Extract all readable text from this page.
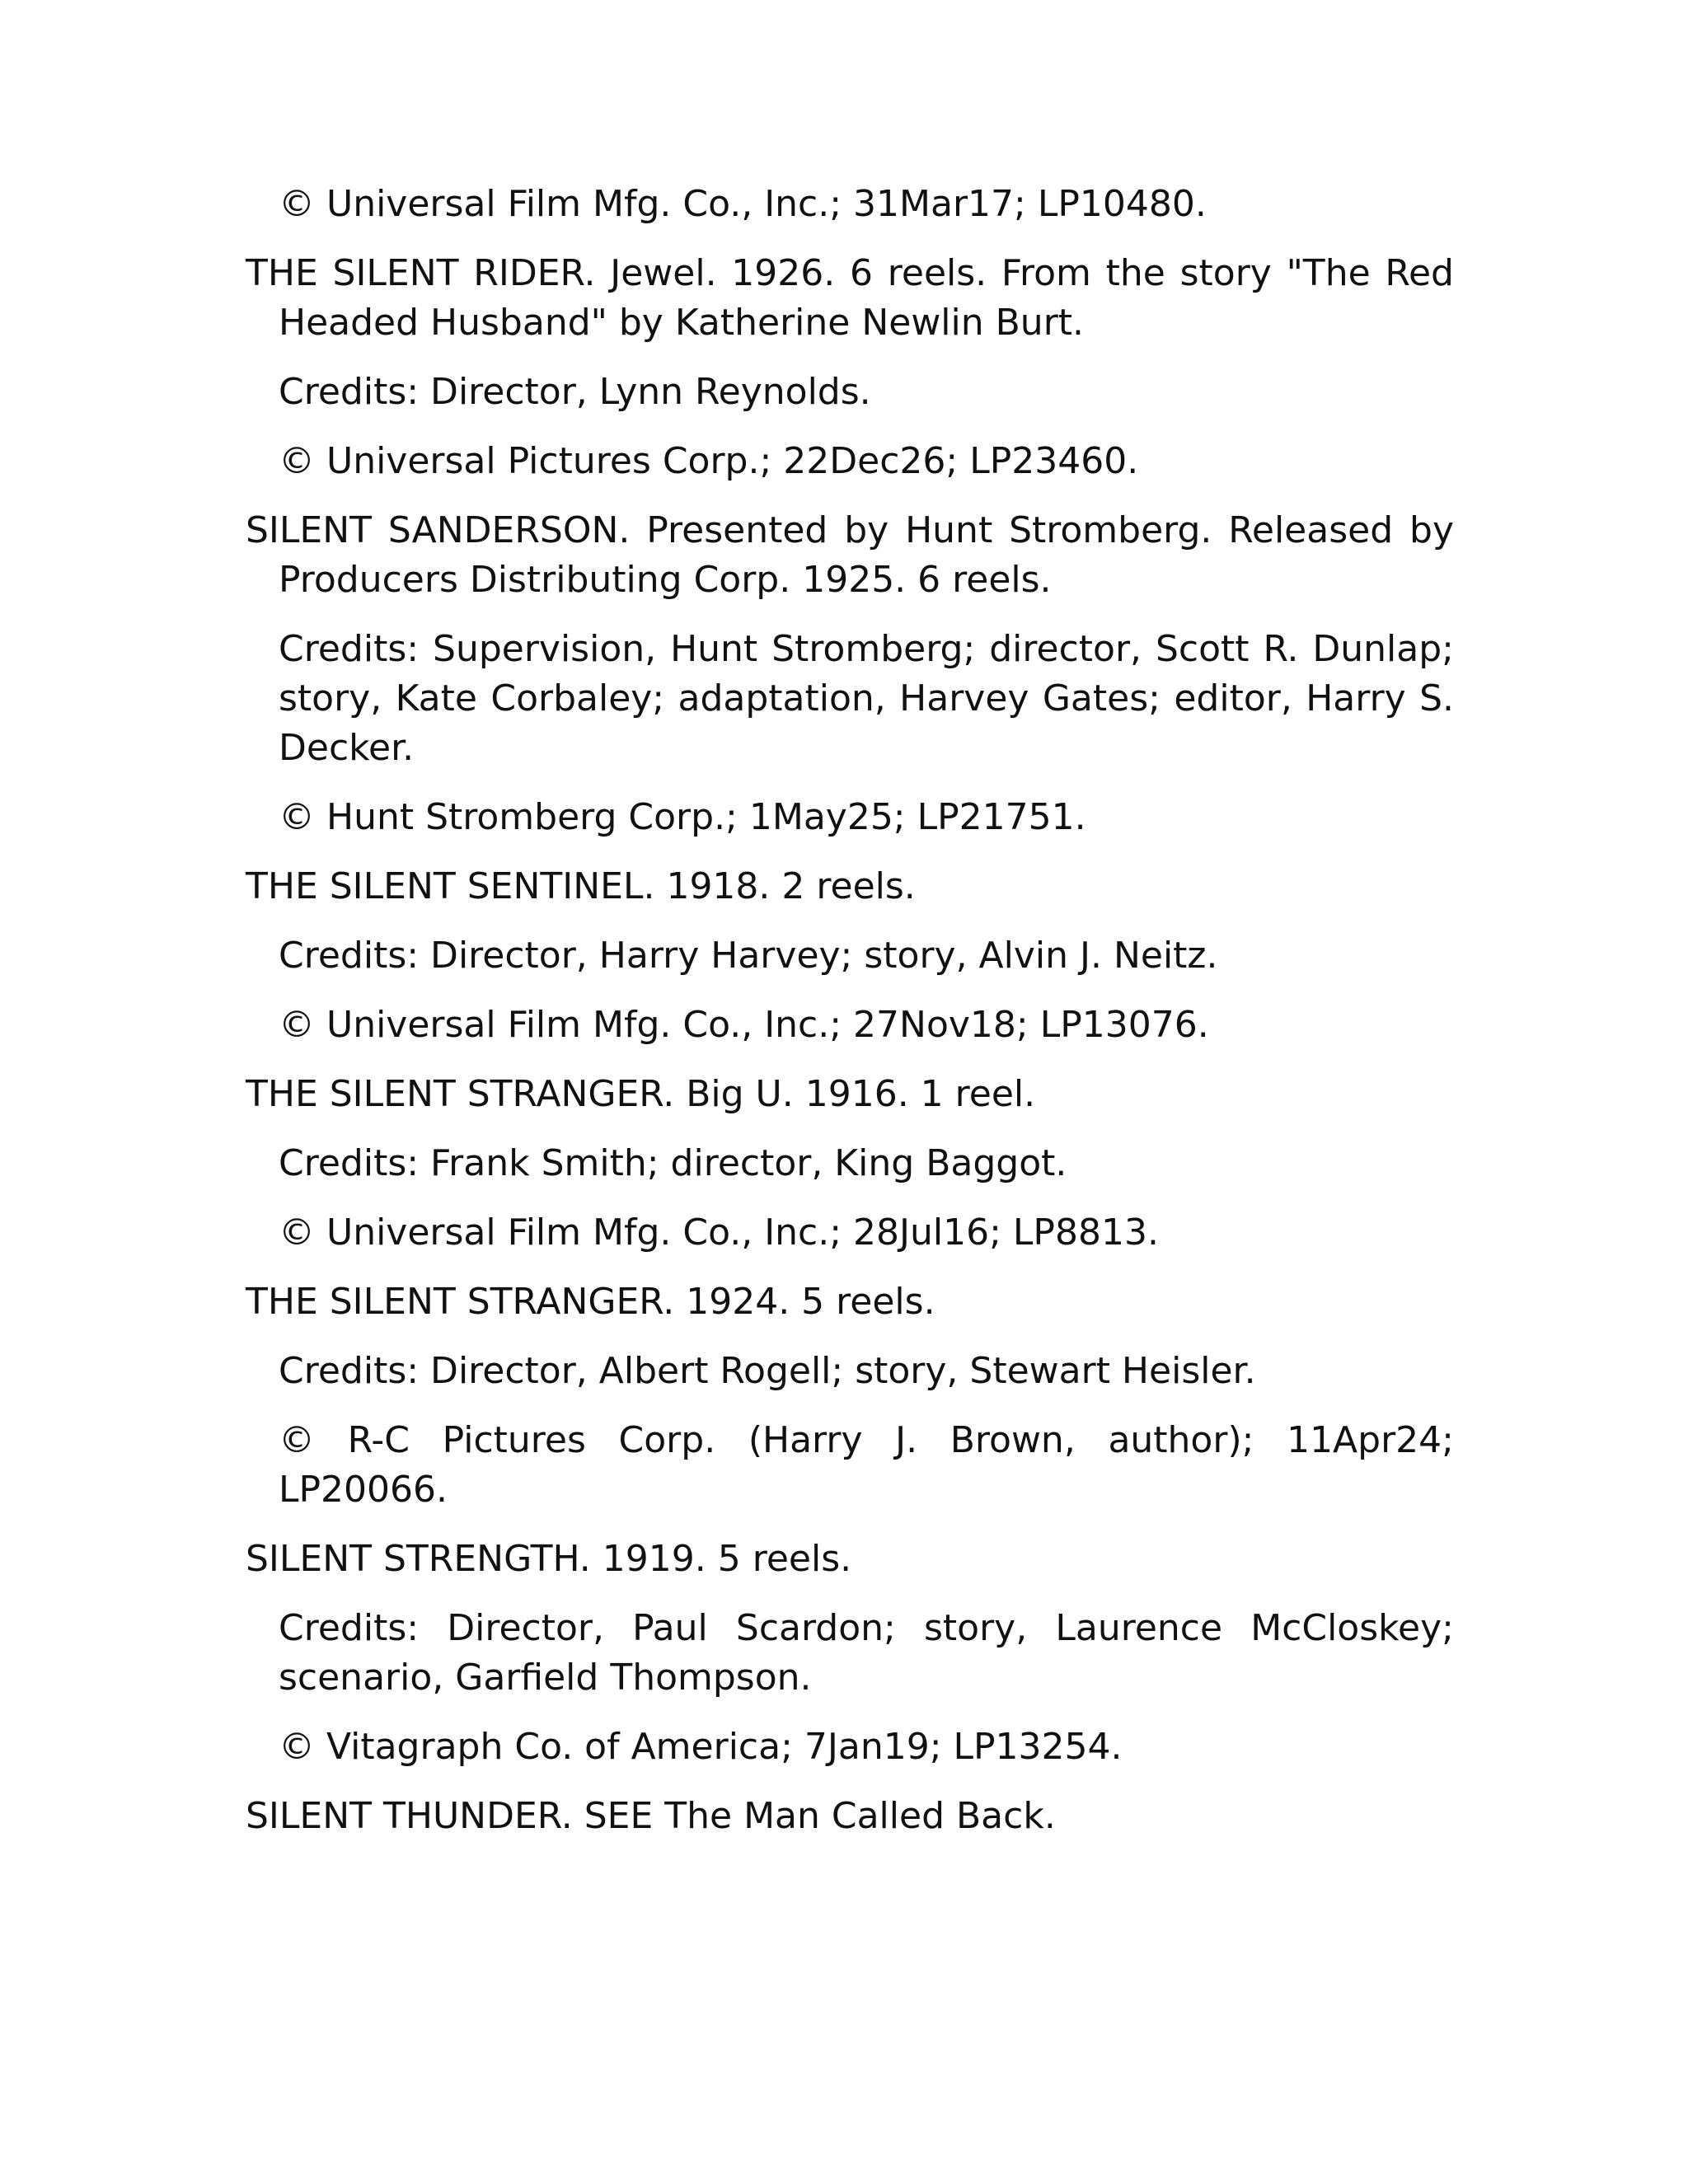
© Universal Film Mfg. Co., Inc.; 31Mar17; LP10480.

THE SILENT RIDER. Jewel. 1926. 6 reels. From the story "The Red Headed Husband" by Katherine Newlin Burt.

Credits: Director, Lynn Reynolds.

© Universal Pictures Corp.; 22Dec26; LP23460.

SILENT SANDERSON. Presented by Hunt Stromberg. Released by Producers Distributing Corp. 1925. 6 reels.

Credits: Supervision, Hunt Stromberg; director, Scott R. Dunlap; story, Kate Corbaley; adaptation, Harvey Gates; editor, Harry S. Decker.

© Hunt Stromberg Corp.; 1May25; LP21751.

THE SILENT SENTINEL. 1918. 2 reels.

Credits: Director, Harry Harvey; story, Alvin J. Neitz.

© Universal Film Mfg. Co., Inc.; 27Nov18; LP13076.

THE SILENT STRANGER. Big U. 1916. 1 reel.

Credits: Frank Smith; director, King Baggot.

© Universal Film Mfg. Co., Inc.; 28Jul16; LP8813.

THE SILENT STRANGER. 1924. 5 reels.

Credits: Director, Albert Rogell; story, Stewart Heisler.

© R-C Pictures Corp. (Harry J. Brown, author); 11Apr24; LP20066.

SILENT STRENGTH. 1919. 5 reels.

Credits: Director, Paul Scardon; story, Laurence McCloskey; scenario, Garfield Thompson.

© Vitagraph Co. of America; 7Jan19; LP13254.

SILENT THUNDER. SEE The Man Called Back.
